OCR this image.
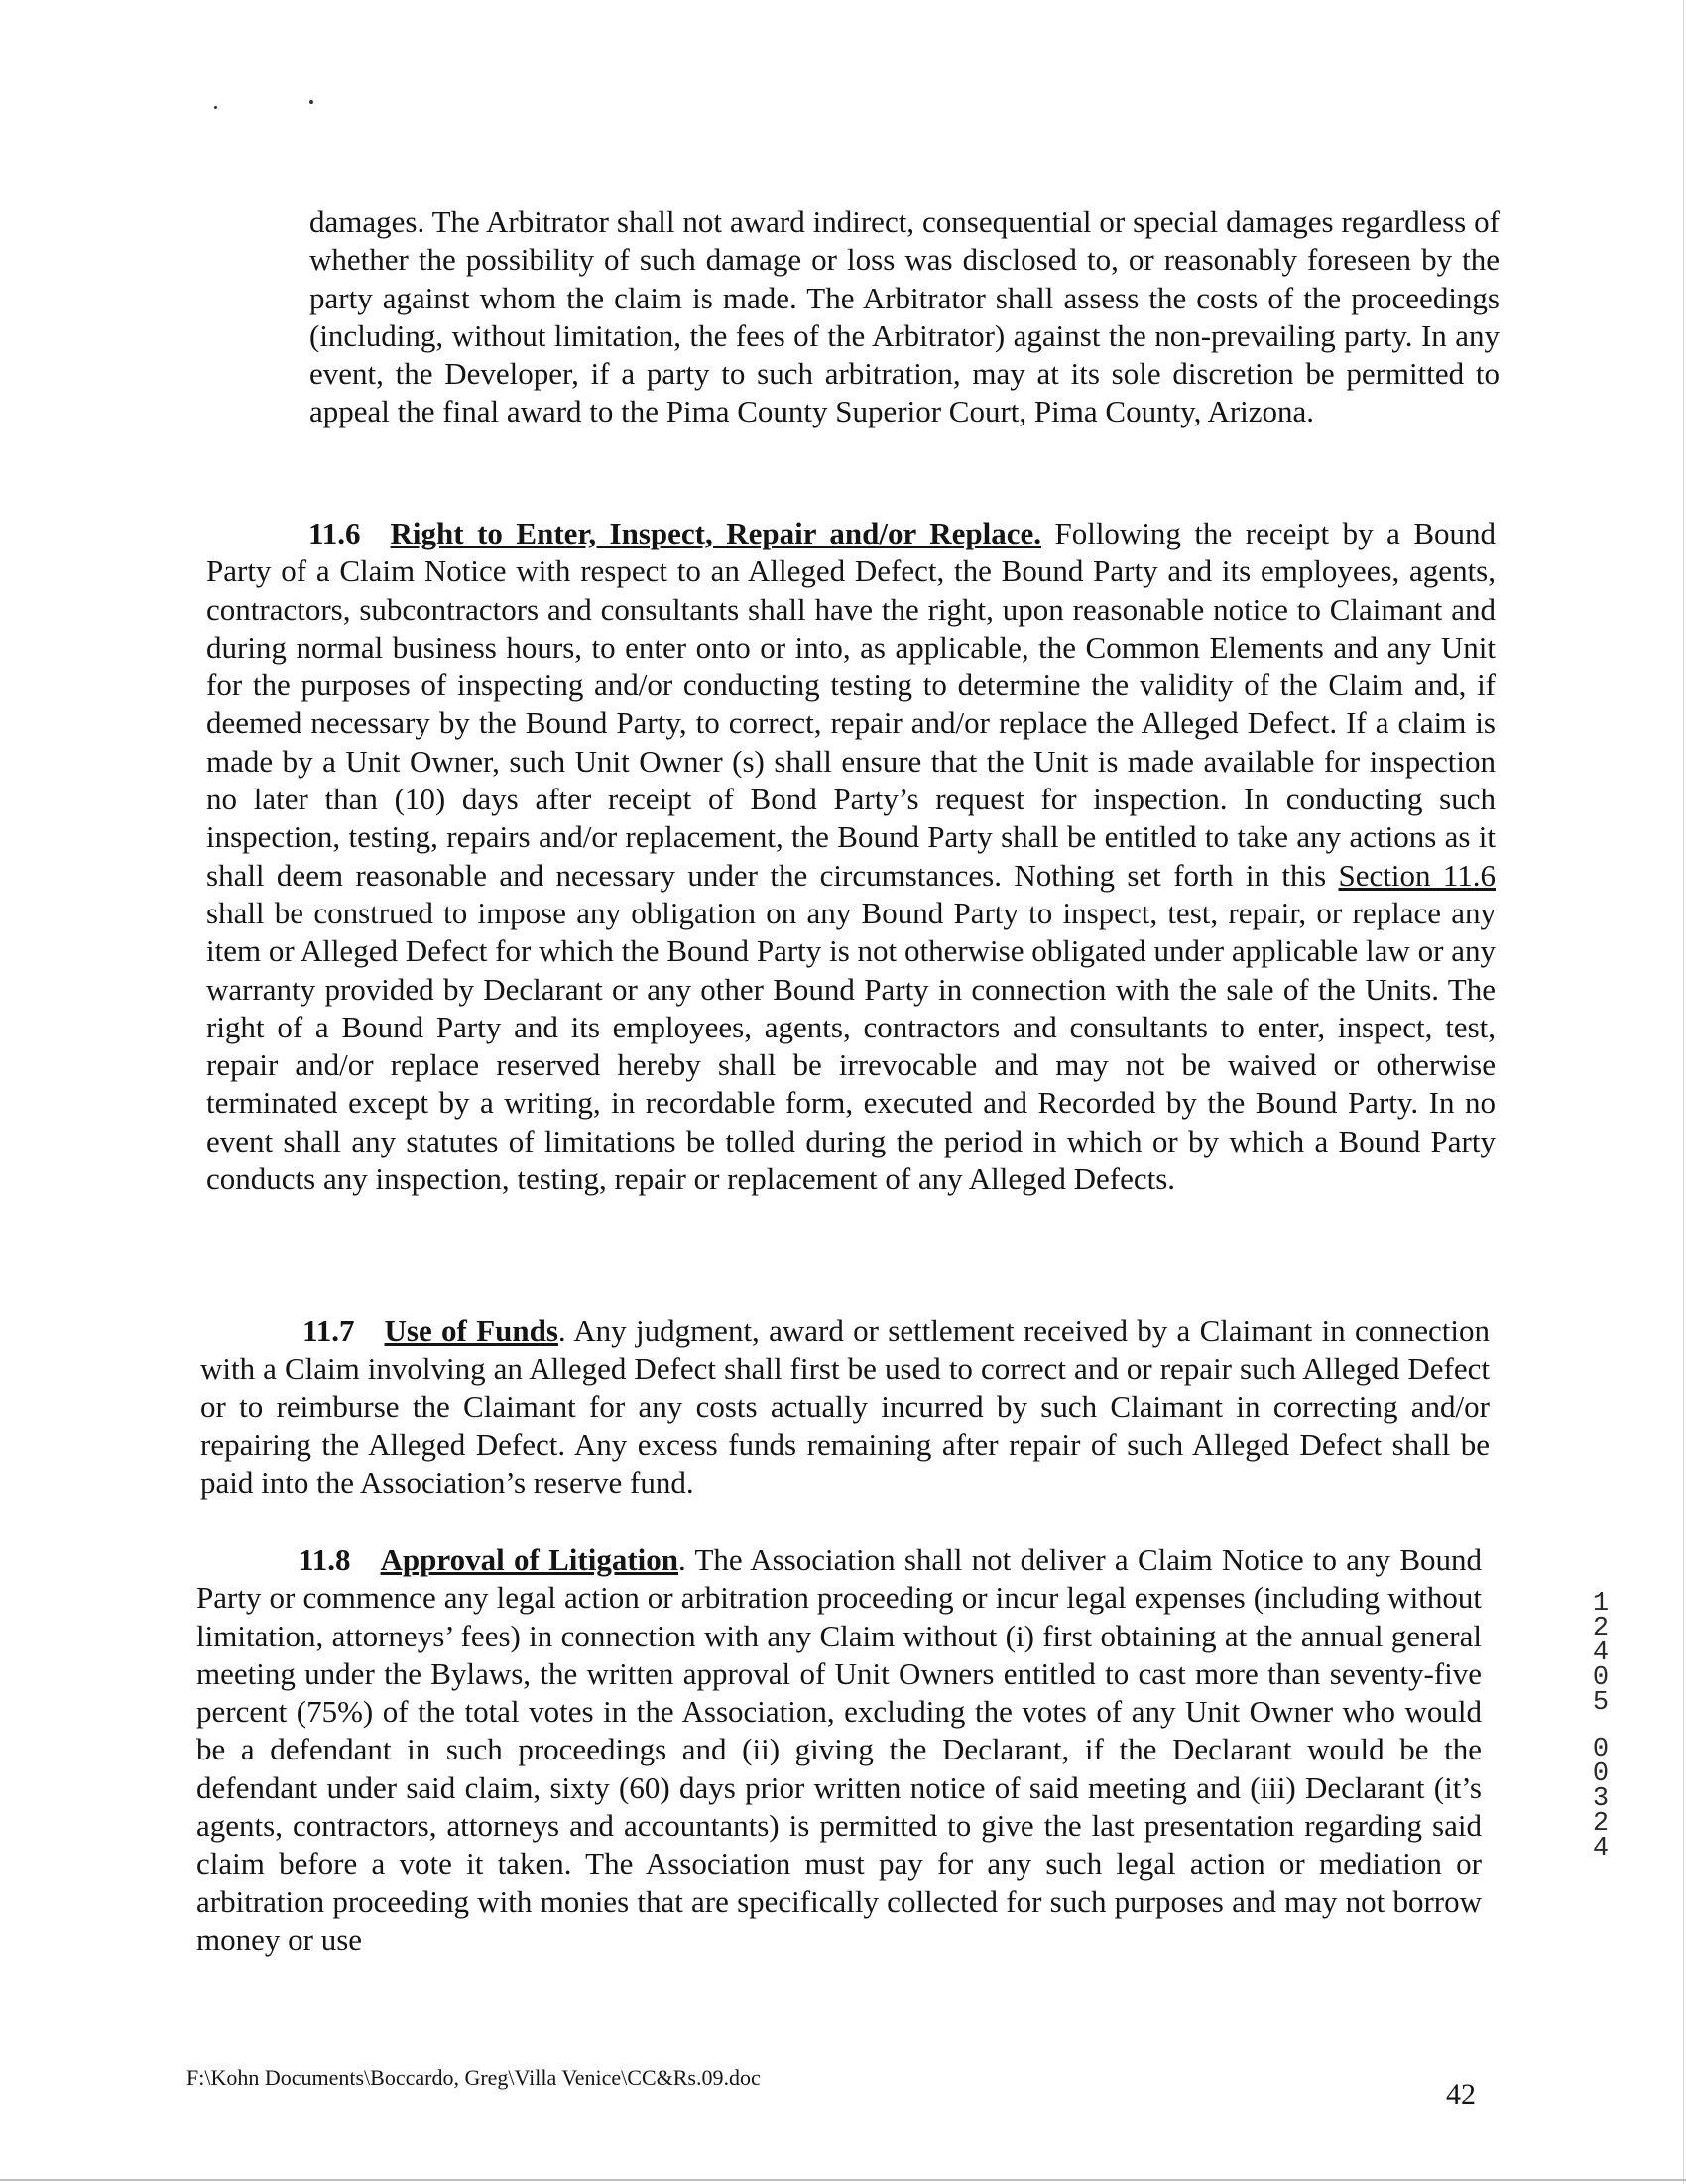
damages. The Arbitrator shall not award indirect, consequential or special damages regardless of whether the possibility of such damage or loss was disclosed to, or reasonably foreseen by the party against whom the claim is made. The Arbitrator shall assess the costs of the proceedings (including, without limitation, the fees of the Arbitrator) against the non-prevailing party. In any event, the Developer, if a party to such arbitration, may at its sole discretion be permitted to appeal the final award to the Pima County Superior Court, Pima County, Arizona.

11.6 Right to Enter, Inspect, Repair and/or Replace. Following the receipt by a Bound Party of a Claim Notice with respect to an Alleged Defect, the Bound Party and its employees, agents, contractors, subcontractors and consultants shall have the right, upon reasonable notice to Claimant and during normal business hours, to enter onto or into, as applicable, the Common Elements and any Unit for the purposes of inspecting and/or conducting testing to determine the validity of the Claim and, if deemed necessary by the Bound Party, to correct, repair and/or replace the Alleged Defect. If a claim is made by a Unit Owner, such Unit Owner (s) shall ensure that the Unit is made available for inspection no later than (10) days after receipt of Bond Party’s request for inspection. In conducting such inspection, testing, repairs and/or replacement, the Bound Party shall be entitled to take any actions as it shall deem reasonable and necessary under the circumstances. Nothing set forth in this Section 11.6 shall be construed to impose any obligation on any Bound Party to inspect, test, repair, or replace any item or Alleged Defect for which the Bound Party is not otherwise obligated under applicable law or any warranty provided by Declarant or any other Bound Party in connection with the sale of the Units. The right of a Bound Party and its employees, agents, contractors and consultants to enter, inspect, test, repair and/or replace reserved hereby shall be irrevocable and may not be waived or otherwise terminated except by a writing, in recordable form, executed and Recorded by the Bound Party. In no event shall any statutes of limitations be tolled during the period in which or by which a Bound Party conducts any inspection, testing, repair or replacement of any Alleged Defects.

11.7 Use of Funds. Any judgment, award or settlement received by a Claimant in connection with a Claim involving an Alleged Defect shall first be used to correct and or repair such Alleged Defect or to reimburse the Claimant for any costs actually incurred by such Claimant in correcting and/or repairing the Alleged Defect. Any excess funds remaining after repair of such Alleged Defect shall be paid into the Association’s reserve fund.

11.8 Approval of Litigation. The Association shall not deliver a Claim Notice to any Bound Party or commence any legal action or arbitration proceeding or incur legal expenses (including without limitation, attorneys’ fees) in connection with any Claim without (i) first obtaining at the annual general meeting under the Bylaws, the written approval of Unit Owners entitled to cast more than seventy-five percent (75%) of the total votes in the Association, excluding the votes of any Unit Owner who would be a defendant in such proceedings and (ii) giving the Declarant, if the Declarant would be the defendant under said claim, sixty (60) days prior written notice of said meeting and (iii) Declarant (it’s agents, contractors, attorneys and accountants) is permitted to give the last presentation regarding said claim before a vote it taken. The Association must pay for any such legal action or mediation or arbitration proceeding with monies that are specifically collected for such purposes and may not borrow money or use

1
2
4
0
5
0
0
3
2
4
F:\Kohn Documents\Boccardo, Greg\Villa Venice\CC&Rs.09.doc
42
